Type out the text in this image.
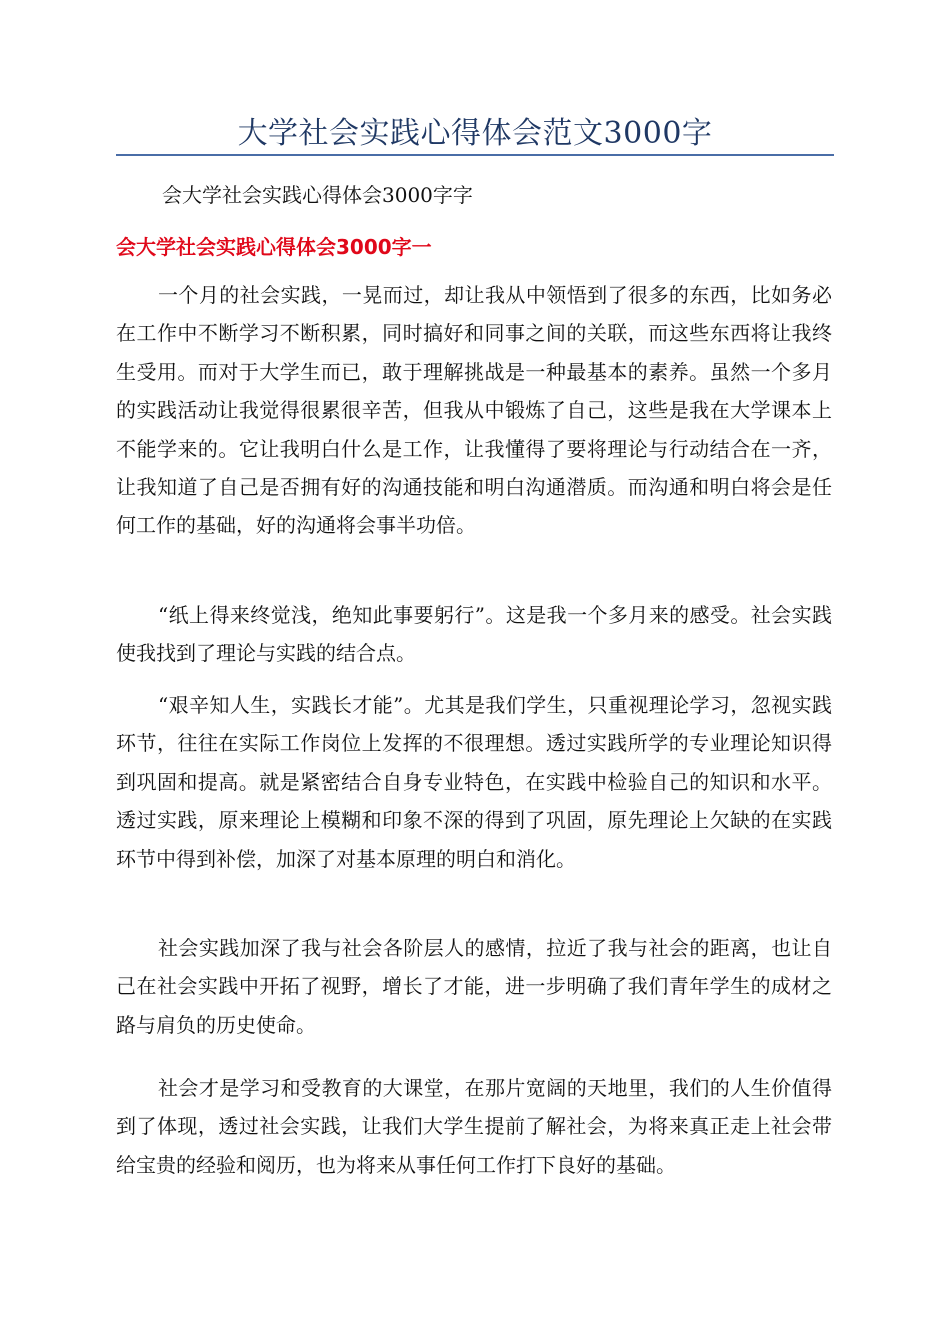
大学社会实践心得体会范文3000字

会大学社会实践心得体会3000字字

会大学社会实践心得体会3000字一

一个月的社会实践，一晃而过，却让我从中领悟到了很多的东西，比如务必在工作中不断学习不断积累，同时搞好和同事之间的关联，而这些东西将让我终生受用。而对于大学生而已，敢于理解挑战是一种最基本的素养。虽然一个多月的实践活动让我觉得很累很辛苦，但我从中锻炼了自己，这些是我在大学课本上不能学来的。它让我明白什么是工作，让我懂得了要将理论与行动结合在一齐，让我知道了自己是否拥有好的沟通技能和明白沟通潜质。而沟通和明白将会是任何工作的基础，好的沟通将会事半功倍。

“纸上得来终觉浅，绝知此事要躬行”。这是我一个多月来的感受。社会实践使我找到了理论与实践的结合点。

“艰辛知人生，实践长才能”。尤其是我们学生，只重视理论学习，忽视实践环节，往往在实际工作岗位上发挥的不很理想。透过实践所学的专业理论知识得到巩固和提高。就是紧密结合自身专业特色，在实践中检验自己的知识和水平。透过实践，原来理论上模糊和印象不深的得到了巩固，原先理论上欠缺的在实践环节中得到补偿，加深了对基本原理的明白和消化。

社会实践加深了我与社会各阶层人的感情，拉近了我与社会的距离，也让自己在社会实践中开拓了视野，增长了才能，进一步明确了我们青年学生的成材之路与肩负的历史使命。

社会才是学习和受教育的大课堂，在那片宽阔的天地里，我们的人生价值得到了体现，透过社会实践，让我们大学生提前了解社会，为将来真正走上社会带给宝贵的经验和阅历，也为将来从事任何工作打下良好的基础。
